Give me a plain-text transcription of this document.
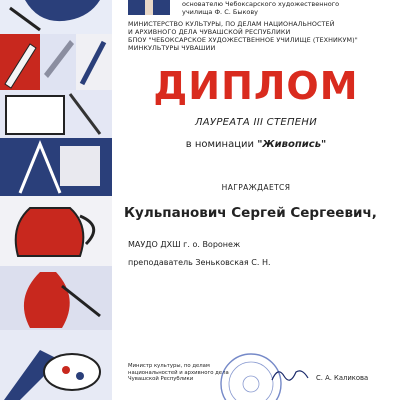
основателю Чебоксарского художественного
училища Ф. С. Быкову
МИНИСТЕРСТВО КУЛЬТУРЫ, ПО ДЕЛАМ НАЦИОНАЛЬНОСТЕЙ
И АРХИВНОГО ДЕЛА ЧУВАШСКОЙ РЕСПУБЛИКИ
БПОУ "ЧЕБОКСАРСКОЕ ХУДОЖЕСТВЕННОЕ УЧИЛИЩЕ (ТЕХНИКУМ)"
МИНКУЛЬТУРЫ ЧУВАШИИ
ДИПЛОМ
ЛАУРЕАТА III СТЕПЕНИ
в номинации "Живопись"
НАГРАЖДАЕТСЯ
Кульпанович Сергей Сергеевич,
МАУДО ДХШ г. о. Воронеж
преподаватель Зеньковская С. Н.
Министр культуры, по делам национальностей и архивного дела Чувашской Республики	С. А. Каликова
